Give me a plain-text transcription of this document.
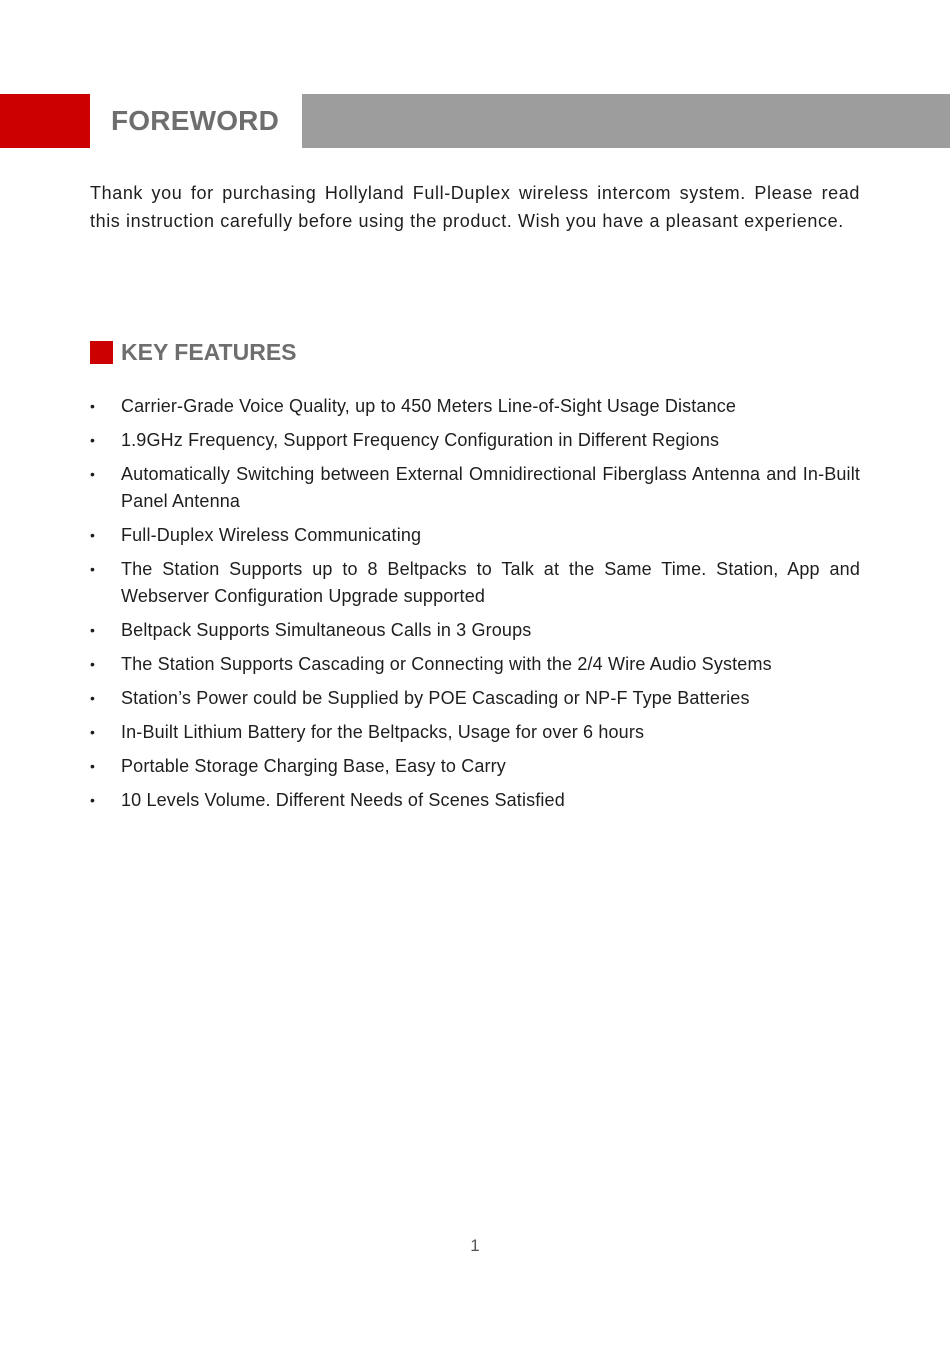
FOREWORD

Thank you for purchasing Hollyland Full-Duplex wireless intercom system. Please read this instruction carefully before using the product. Wish you have a pleasant experience.

KEY FEATURES
• Carrier-Grade Voice Quality, up to 450 Meters Line-of-Sight Usage Distance
• 1.9GHz Frequency, Support Frequency Configuration in Different Regions
• Automatically Switching between External Omnidirectional Fiberglass Antenna and In-Built Panel Antenna
• Full-Duplex Wireless Communicating
• The Station Supports up to 8 Beltpacks to Talk at the Same Time. Station, App and Webserver Configuration Upgrade supported
• Beltpack Supports Simultaneous Calls in 3 Groups
• The Station Supports Cascading or Connecting with the 2/4 Wire Audio Systems
• Station’s Power could be Supplied by POE Cascading or NP-F Type Batteries
• In-Built Lithium Battery for the Beltpacks, Usage for over 6 hours
• Portable Storage Charging Base, Easy to Carry
• 10 Levels Volume. Different Needs of Scenes Satisfied
1
